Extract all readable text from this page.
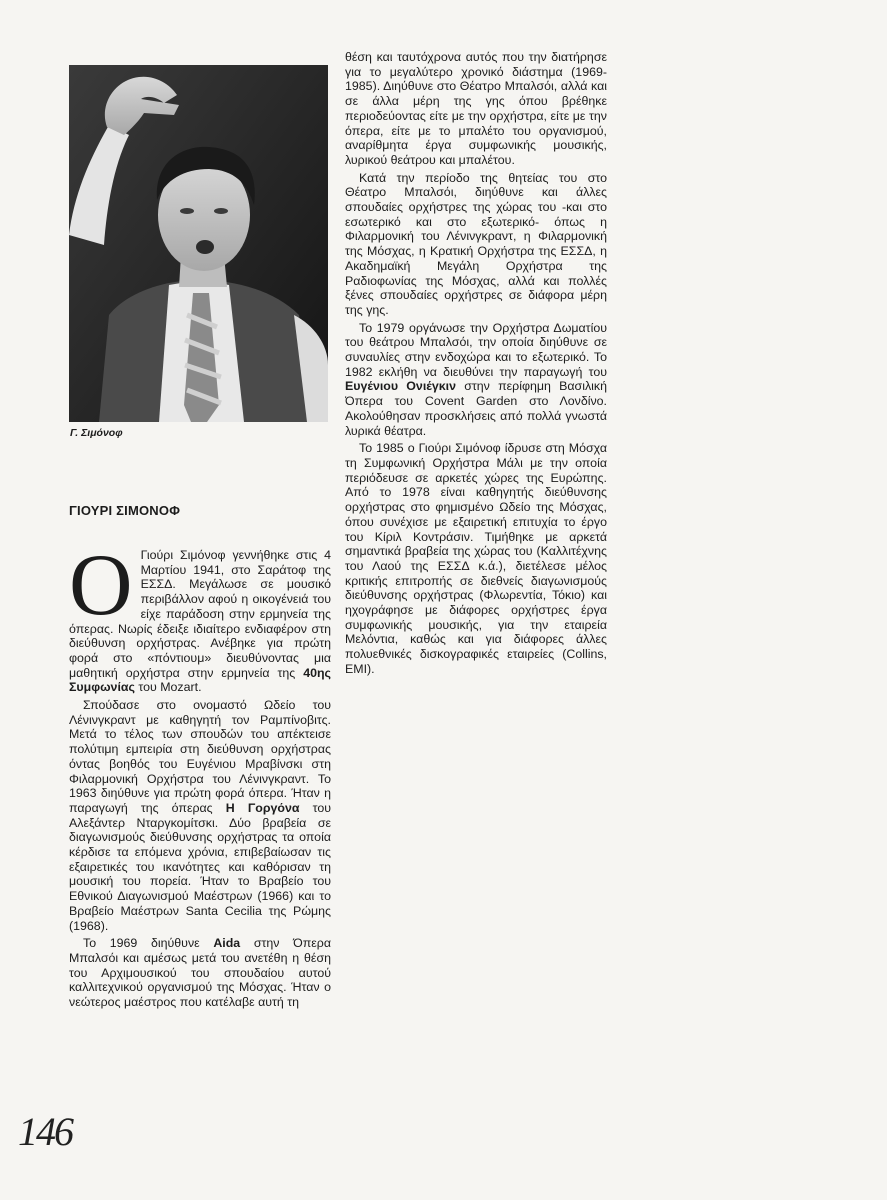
Γ. Σιμόνοφ
ΓΙΟΥΡΙ ΣΙΜΟΝΟΦ

Ο Γιούρι Σιμόνοφ γεννήθηκε στις 4 Μαρτίου 1941, στο Σαράτοφ της ΕΣΣΔ. Μεγάλωσε σε μουσικό περιβάλλον αφού η οικογένειά του είχε παράδοση στην ερμηνεία της όπερας. Νωρίς έδειξε ιδιαίτερο ενδιαφέρον στη διεύθυνση ορχήστρας. Ανέβηκε για πρώτη φορά στο «πόντιουμ» διευθύνοντας μια μαθητική ορχήστρα στην ερμηνεία της 40ης Συμφωνίας του Mozart.

Σπούδασε στο ονομαστό Ωδείο του Λένινγκραντ με καθηγητή τον Ραμπίνοβιτς. Μετά το τέλος των σπουδών του απέκτεισε πολύτιμη εμπειρία στη διεύθυνση ορχήστρας όντας βοηθός του Ευγένιου Μραβίνσκι στη Φιλαρμονική Ορχήστρα του Λένινγκραντ. Το 1963 διηύθυνε για πρώτη φορά όπερα. Ήταν η παραγωγή της όπερας Η Γοργόνα του Αλεξάντερ Νταργκομίτσκι. Δύο βραβεία σε διαγωνισμούς διεύθυνσης ορχήστρας τα οποία κέρδισε τα επόμενα χρόνια, επιβεβαίωσαν τις εξαιρετικές του ικανότητες και καθόρισαν τη μουσική του πορεία. Ήταν το Βραβείο του Εθνικού Διαγωνισμού Μαέστρων (1966) και το Βραβείο Μαέστρων Santa Cecilia της Ρώμης (1968).

Το 1969 διηύθυνε Aida στην Όπερα Μπαλσόι και αμέσως μετά του ανετέθη η θέση του Αρχιμουσικού του σπουδαίου αυτού καλλιτεχνικού οργανισμού της Μόσχας. Ήταν ο νεώτερος μαέστρος που κατέλαβε αυτή τη

θέση και ταυτόχρονα αυτός που την διατήρησε για το μεγαλύτερο χρονικό διάστημα (1969-1985). Διηύθυνε στο Θέατρο Μπαλσόι, αλλά και σε άλλα μέρη της γης όπου βρέθηκε περιοδεύοντας είτε με την ορχήστρα, είτε με την όπερα, είτε με το μπαλέτο του οργανισμού, αναρίθμητα έργα συμφωνικής μουσικής, λυρικού θεάτρου και μπαλέτου.

Κατά την περίοδο της θητείας του στο Θέατρο Μπαλσόι, διηύθυνε και άλλες σπουδαίες ορχήστρες της χώρας του -και στο εσωτερικό και στο εξωτερικό- όπως η Φιλαρμονική του Λένινγκραντ, η Φιλαρμονική της Μόσχας, η Κρατική Ορχήστρα της ΕΣΣΔ, η Ακαδημαϊκή Μεγάλη Ορχήστρα της Ραδιοφωνίας της Μόσχας, αλλά και πολλές ξένες σπουδαίες ορχήστρες σε διάφορα μέρη της γης.

Το 1979 οργάνωσε την Ορχήστρα Δωματίου του θεάτρου Μπαλσόι, την οποία διηύθυνε σε συναυλίες στην ενδοχώρα και το εξωτερικό. Το 1982 εκλήθη να διευθύνει την παραγωγή του Ευγένιου Ονιέγκιν στην περίφημη Βασιλική Όπερα του Covent Garden στο Λονδίνο. Ακολούθησαν προσκλήσεις από πολλά γνωστά λυρικά θέατρα.

Το 1985 ο Γιούρι Σιμόνοφ ίδρυσε στη Μόσχα τη Συμφωνική Ορχήστρα Μάλι με την οποία περιόδευσε σε αρκετές χώρες της Ευρώπης. Από το 1978 είναι καθηγητής διεύθυνσης ορχήστρας στο φημισμένο Ωδείο της Μόσχας, όπου συνέχισε με εξαιρετική επιτυχία το έργο του Κίριλ Κοντράσιν. Τιμήθηκε με αρκετά σημαντικά βραβεία της χώρας του (Καλλιτέχνης του Λαού της ΕΣΣΔ κ.ά.), διετέλεσε μέλος κριτικής επιτροπής σε διεθνείς διαγωνισμούς διεύθυνσης ορχήστρας (Φλωρεντία, Τόκιο) και ηχογράφησε με διάφορες ορχήστρες έργα συμφωνικής μουσικής, για την εταιρεία Μελόντια, καθώς και για διάφορες άλλες πολυεθνικές δισκογραφικές εταιρείες (Collins, EMI).

146
